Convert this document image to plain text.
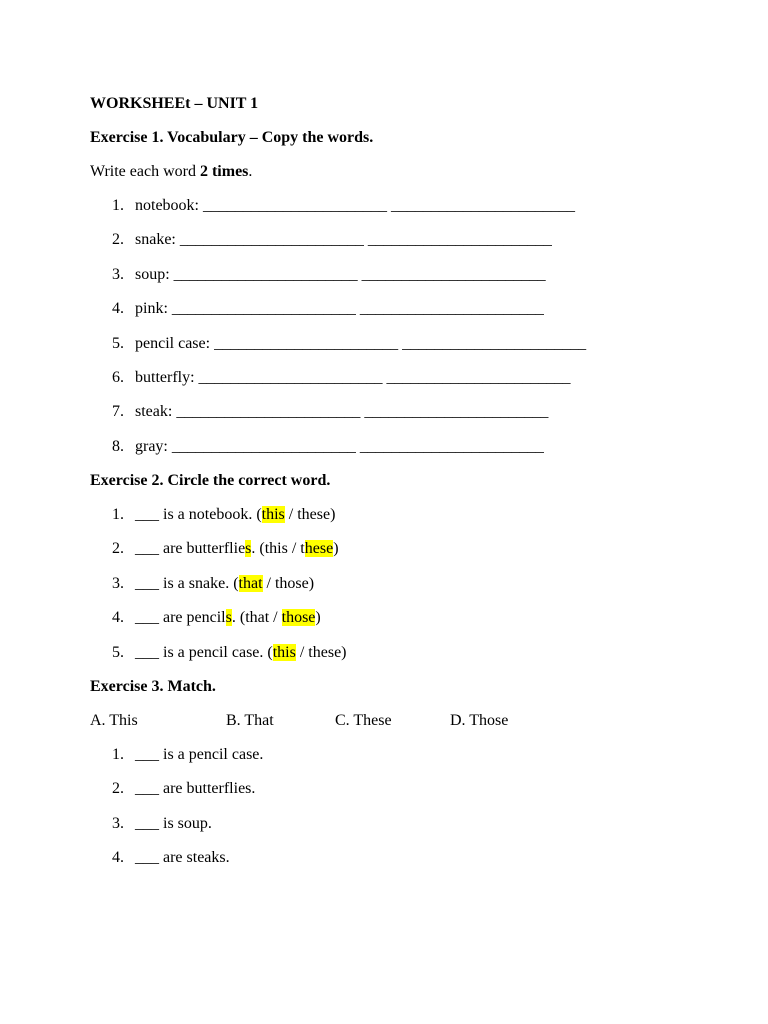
WORKSHEEt – UNIT 1
Exercise 1. Vocabulary – Copy the words.
Write each word 2 times.
1. notebook: _______________________ _______________________
2. snake: _______________________ _______________________
3. soup: _______________________ _______________________
4. pink: _______________________ _______________________
5. pencil case: _______________________ _______________________
6. butterfly: _______________________ _______________________
7. steak: _______________________ _______________________
8. gray: _______________________ _______________________
Exercise 2. Circle the correct word.
1. ___ is a notebook. (this / these)
2. ___ are butterflies. (this / these)
3. ___ is a snake. (that / those)
4. ___ are pencils. (that / those)
5. ___ is a pencil case. (this / these)
Exercise 3. Match.
A. This	B. That	C. These	D. Those
1. ___ is a pencil case.
2. ___ are butterflies.
3. ___ is soup.
4. ___ are steaks.
